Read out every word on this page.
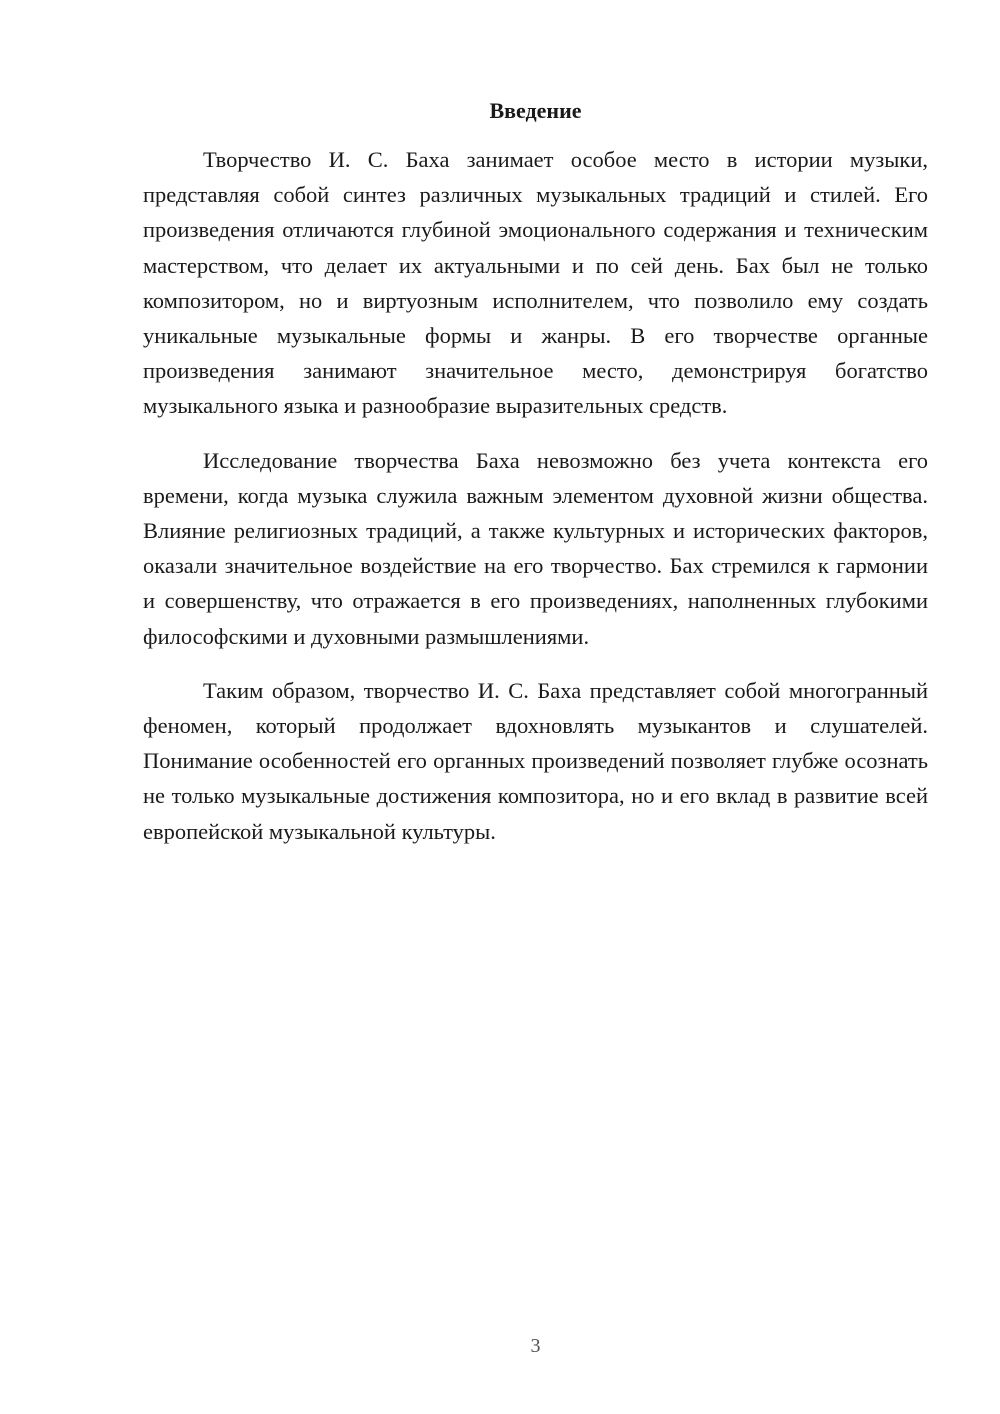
Введение

Творчество И. С. Баха занимает особое место в истории музыки, представляя собой синтез различных музыкальных традиций и стилей. Его произведения отличаются глубиной эмоционального содержания и техническим мастерством, что делает их актуальными и по сей день. Бах был не только композитором, но и виртуозным исполнителем, что позволило ему создать уникальные музыкальные формы и жанры. В его творчестве органные произведения занимают значительное место, демонстрируя богатство музыкального языка и разнообразие выразительных средств.

Исследование творчества Баха невозможно без учета контекста его времени, когда музыка служила важным элементом духовной жизни общества. Влияние религиозных традиций, а также культурных и исторических факторов, оказали значительное воздействие на его творчество. Бах стремился к гармонии и совершенству, что отражается в его произведениях, наполненных глубокими философскими и духовными размышлениями.

Таким образом, творчество И. С. Баха представляет собой многогранный феномен, который продолжает вдохновлять музыкантов и слушателей. Понимание особенностей его органных произведений позволяет глубже осознать не только музыкальные достижения композитора, но и его вклад в развитие всей европейской музыкальной культуры.

3
